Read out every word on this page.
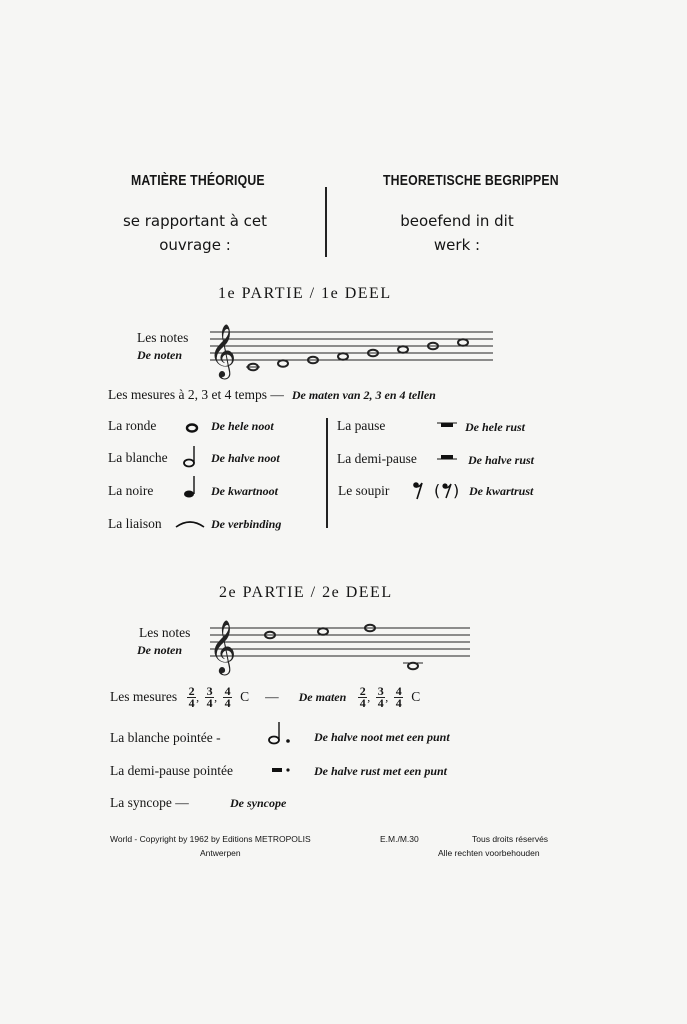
MATIÈRE THÉORIQUE	THEORETISCHE BEGRIPPEN
se rapportant à cet
ouvrage :
beoefend in dit
werk :
1e PARTIE / 1e DEEL
Les notes
De noten 𝄞
Les mesures à 2, 3 et 4 temps — De maten van 2, 3 en 4 tellen
La ronde	De hele noot
La blanche	De halve noot
La noire	De kwartnoot
La liaison	De verbinding
La pause	De hele rust
La demi-pause	De halve rust
Le soupir	( ) De kwartrust
2e PARTIE / 2e DEEL
Les notes
De noten 𝄞
Les mesures $\frac{2}{4}$ , $\frac{3}{4}$ , $\frac{4}{4}$ C — De maten $\frac{2}{4}$ , $\frac{3}{4}$ , $\frac{4}{4}$ C
La blanche pointée -	De halve noot met een punt
La demi-pause pointée	De halve rust met een punt
La syncope —	De syncope
World - Copyright by 1962 by Editions METROPOLIS
Antwerpen
E.M./M.30	Tous droits réservés
Alle rechten voorbehouden
